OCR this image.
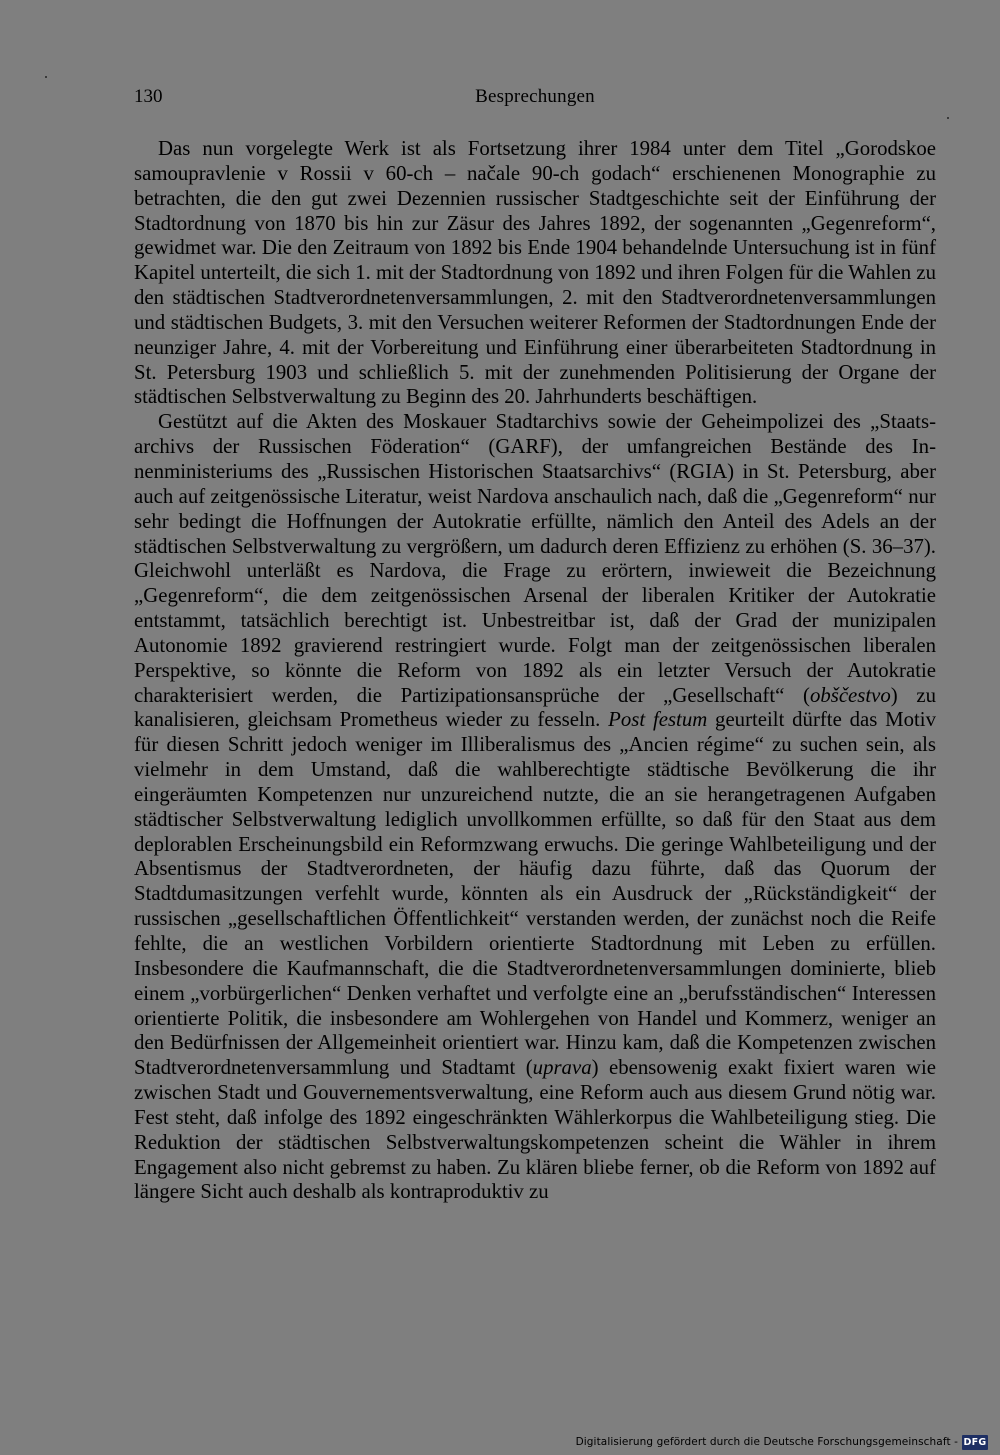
130	Besprechungen

Das nun vorgelegte Werk ist als Fortsetzung ihrer 1984 unter dem Titel „Gorodskoe samoupravlenie v Rossii v 60-ch – načale 90-ch godach“ erschienenen Monographie zu betrachten, die den gut zwei Dezennien russischer Stadtgeschichte seit der Einführung der Stadtordnung von 1870 bis hin zur Zäsur des Jahres 1892, der sogenannten „Gegenreform“, gewidmet war. Die den Zeitraum von 1892 bis Ende 1904 behandelnde Untersuchung ist in fünf Kapitel unterteilt, die sich 1. mit der Stadtordnung von 1892 und ihren Folgen für die Wahlen zu den städtischen Stadtverordnetenversammlungen, 2. mit den Stadtverordnetenversammlungen und städtischen Budgets, 3. mit den Versuchen weiterer Reformen der Stadtordnungen Ende der neunziger Jahre, 4. mit der Vorbereitung und Einführung einer überarbeiteten Stadtordnung in St. Petersburg 1903 und schließlich 5. mit der zunehmenden Politisierung der Organe der städtischen Selbstverwaltung zu Beginn des 20. Jahrhunderts beschäftigen.

Gestützt auf die Akten des Moskauer Stadtarchivs sowie der Geheimpolizei des „Staatsarchivs der Russischen Föderation“ (GARF), der umfangreichen Bestände des Innenministeriums des „Russischen Historischen Staatsarchivs“ (RGIA) in St. Petersburg, aber auch auf zeitgenössische Literatur, weist Nardova anschaulich nach, daß die „Gegenreform“ nur sehr bedingt die Hoffnungen der Autokratie erfüllte, nämlich den Anteil des Adels an der städtischen Selbstverwaltung zu vergrößern, um dadurch deren Effizienz zu erhöhen (S. 36–37). Gleichwohl unterläßt es Nardova, die Frage zu erörtern, inwieweit die Bezeichnung „Gegenreform“, die dem zeitgenössischen Arsenal der liberalen Kritiker der Autokratie entstammt, tatsächlich berechtigt ist. Unbestreitbar ist, daß der Grad der munizipalen Autonomie 1892 gravierend restringiert wurde. Folgt man der zeitgenössischen liberalen Perspektive, so könnte die Reform von 1892 als ein letzter Versuch der Autokratie charakterisiert werden, die Partizipationsansprüche der „Gesellschaft“ (obščestvo) zu kanalisieren, gleichsam Prometheus wieder zu fesseln. Post festum geurteilt dürfte das Motiv für diesen Schritt jedoch weniger im Illiberalismus des „Ancien régime“ zu suchen sein, als vielmehr in dem Umstand, daß die wahlberechtigte städtische Bevölkerung die ihr eingeräumten Kompetenzen nur unzureichend nutzte, die an sie herangetragenen Aufgaben städtischer Selbstverwaltung lediglich unvollkommen erfüllte, so daß für den Staat aus dem deplorablen Erscheinungsbild ein Reformzwang erwuchs. Die geringe Wahlbeteiligung und der Absentismus der Stadtverordneten, der häufig dazu führte, daß das Quorum der Stadtdumasitzungen verfehlt wurde, könnten als ein Ausdruck der „Rückständigkeit“ der russischen „gesellschaftlichen Öffentlichkeit“ verstanden werden, der zunächst noch die Reife fehlte, die an westlichen Vorbildern orientierte Stadtordnung mit Leben zu erfüllen. Insbesondere die Kaufmannschaft, die die Stadtverordnetenversammlungen dominierte, blieb einem „vorbürgerlichen“ Denken verhaftet und verfolgte eine an „berufsständischen“ Interessen orientierte Politik, die insbesondere am Wohlergehen von Handel und Kommerz, weniger an den Bedürfnissen der Allgemeinheit orientiert war. Hinzu kam, daß die Kompetenzen zwischen Stadtverordnetenversammlung und Stadtamt (uprava) ebensowenig exakt fixiert waren wie zwischen Stadt und Gouvernementsverwaltung, eine Reform auch aus diesem Grund nötig war. Fest steht, daß infolge des 1892 eingeschränkten Wählerkorpus die Wahlbeteiligung stieg. Die Reduktion der städtischen Selbstverwaltungskompetenzen scheint die Wähler in ihrem Engagement also nicht gebremst zu haben. Zu klären bliebe ferner, ob die Reform von 1892 auf längere Sicht auch deshalb als kontraproduktiv zu

Digitalisierung gefördert durch die Deutsche Forschungsgemeinschaft - DFG
